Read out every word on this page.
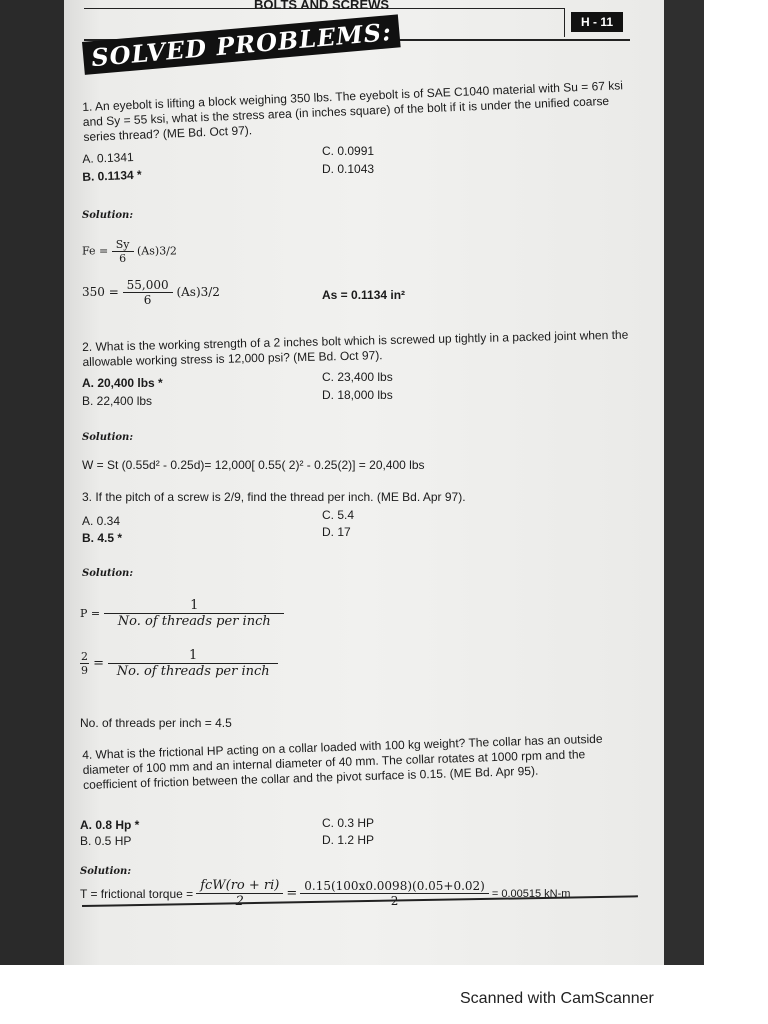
BOLTS AND SCREWS
H - 11
SOLVED PROBLEMS:
1. An eyebolt is lifting a block weighing 350 lbs. The eyebolt is of SAE C1040 material with Su = 67 ksi and Sy = 55 ksi, what is the stress area (in inches square) of the bolt if it is under the unified coarse series thread? (ME Bd. Oct 97).
A. 0.1341
B. 0.1134 *
C. 0.0991
D. 0.1043
Solution:
$Fe = \frac{Sy}{6} (As)3/2$
$350 = \frac{55,000}{6} (As)3/2$	As = 0.1134 in²
2. What is the working strength of a 2 inches bolt which is screwed up tightly in a packed joint when the allowable working stress is 12,000 psi? (ME Bd. Oct 97).
A. 20,400 lbs *
B. 22,400 lbs
C. 23,400 lbs
D. 18,000 lbs
Solution:
W = St (0.55d² - 0.25d)= 12,000[ 0.55( 2)² - 0.25(2)] = 20,400 lbs
3. If the pitch of a screw is 2/9, find the thread per inch. (ME Bd. Apr 97).
A. 0.34
B. 4.5 *
C. 5.4
D. 17
Solution:
$P = \frac{1}{\text{No. of threads per inch}}$
$\frac{2}{9} = \frac{1}{\text{No. of threads per inch}}$
No. of threads per inch = 4.5
4. What is the frictional HP acting on a collar loaded with 100 kg weight? The collar has an outside diameter of 100 mm and an internal diameter of 40 mm. The collar rotates at 1000 rpm and the coefficient of friction between the collar and the pivot surface is 0.15. (ME Bd. Apr 95).
A. 0.8 Hp *
B. 0.5 HP
C. 0.3 HP
D. 1.2 HP
Solution:
T = frictional torque = $\frac{\text{fcW(ro + ri)}}{2} = \frac{0.15(100x0.0098)(0.05+0.02)}{2} = 0.00515$ kN-m
Scanned with CamScanner
